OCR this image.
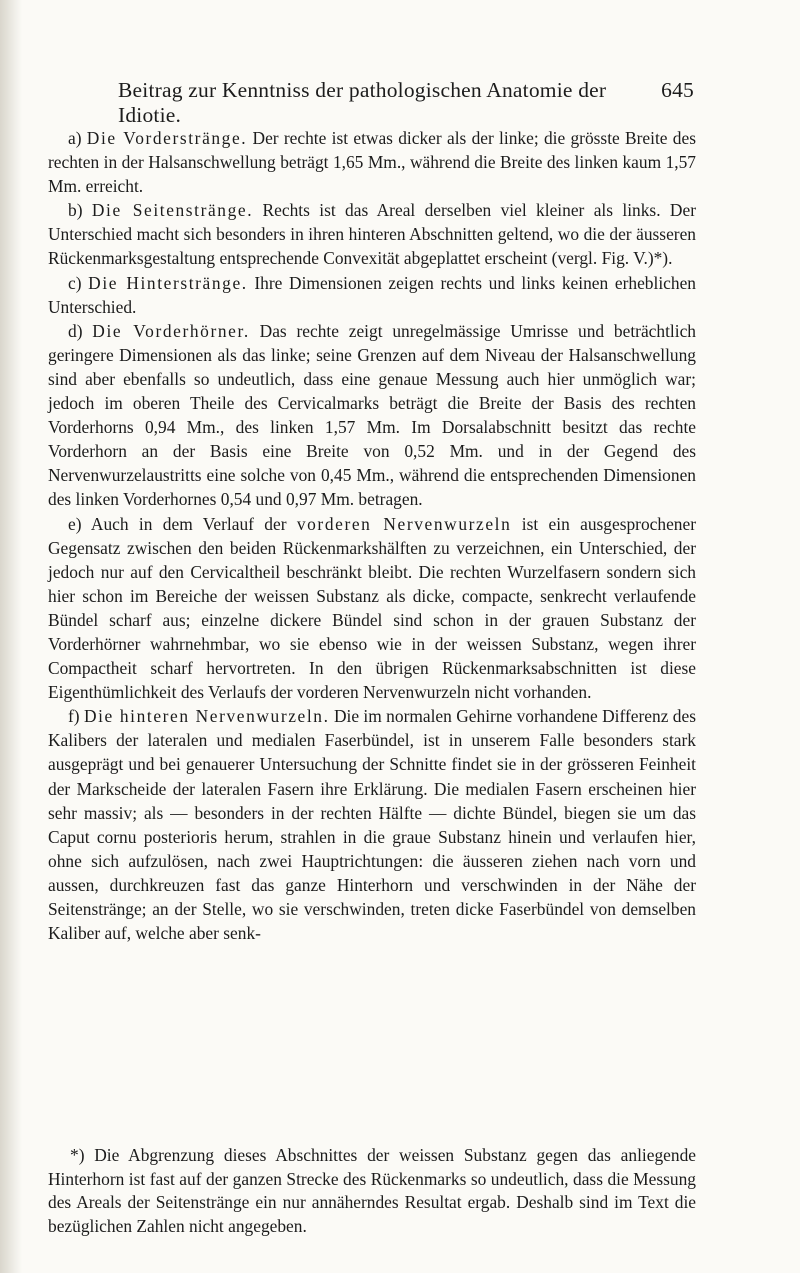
Beitrag zur Kenntniss der pathologischen Anatomie der Idiotie.
645

a) Die Vorderstränge. Der rechte ist etwas dicker als der linke; die grösste Breite des rechten in der Halsanschwellung beträgt 1,65 Mm., während die Breite des linken kaum 1,57 Mm. erreicht.

b) Die Seitenstränge. Rechts ist das Areal derselben viel kleiner als links. Der Unterschied macht sich besonders in ihren hinteren Abschnitten geltend, wo die der äusseren Rückenmarksgestaltung entsprechende Convexität abgeplattet erscheint (vergl. Fig. V.)*).

c) Die Hinterstränge. Ihre Dimensionen zeigen rechts und links keinen erheblichen Unterschied.

d) Die Vorderhörner. Das rechte zeigt unregelmässige Umrisse und beträchtlich geringere Dimensionen als das linke; seine Grenzen auf dem Niveau der Halsanschwellung sind aber ebenfalls so undeutlich, dass eine genaue Messung auch hier unmöglich war; jedoch im oberen Theile des Cervicalmarks beträgt die Breite der Basis des rechten Vorderhorns 0,94 Mm., des linken 1,57 Mm. Im Dorsalabschnitt besitzt das rechte Vorderhorn an der Basis eine Breite von 0,52 Mm. und in der Gegend des Nervenwurzelaustritts eine solche von 0,45 Mm., während die entsprechenden Dimensionen des linken Vorderhornes 0,54 und 0,97 Mm. betragen.

e) Auch in dem Verlauf der vorderen Nervenwurzeln ist ein ausgesprochener Gegensatz zwischen den beiden Rückenmarkshälften zu verzeichnen, ein Unterschied, der jedoch nur auf den Cervicaltheil beschränkt bleibt. Die rechten Wurzelfasern sondern sich hier schon im Bereiche der weissen Substanz als dicke, compacte, senkrecht verlaufende Bündel scharf aus; einzelne dickere Bündel sind schon in der grauen Substanz der Vorderhörner wahrnehmbar, wo sie ebenso wie in der weissen Substanz, wegen ihrer Compactheit scharf hervortreten. In den übrigen Rückenmarksabschnitten ist diese Eigenthümlichkeit des Verlaufs der vorderen Nervenwurzeln nicht vorhanden.

f) Die hinteren Nervenwurzeln. Die im normalen Gehirne vorhandene Differenz des Kalibers der lateralen und medialen Faserbündel, ist in unserem Falle besonders stark ausgeprägt und bei genauerer Untersuchung der Schnitte findet sie in der grösseren Feinheit der Markscheide der lateralen Fasern ihre Erklärung. Die medialen Fasern erscheinen hier sehr massiv; als — besonders in der rechten Hälfte — dichte Bündel, biegen sie um das Caput cornu posterioris herum, strahlen in die graue Substanz hinein und verlaufen hier, ohne sich aufzulösen, nach zwei Hauptrichtungen: die äusseren ziehen nach vorn und aussen, durchkreuzen fast das ganze Hinterhorn und verschwinden in der Nähe der Seitenstränge; an der Stelle, wo sie verschwinden, treten dicke Faserbündel von demselben Kaliber auf, welche aber senk-

*) Die Abgrenzung dieses Abschnittes der weissen Substanz gegen das anliegende Hinterhorn ist fast auf der ganzen Strecke des Rückenmarks so undeutlich, dass die Messung des Areals der Seitenstränge ein nur annäherndes Resultat ergab. Deshalb sind im Text die bezüglichen Zahlen nicht angegeben.
